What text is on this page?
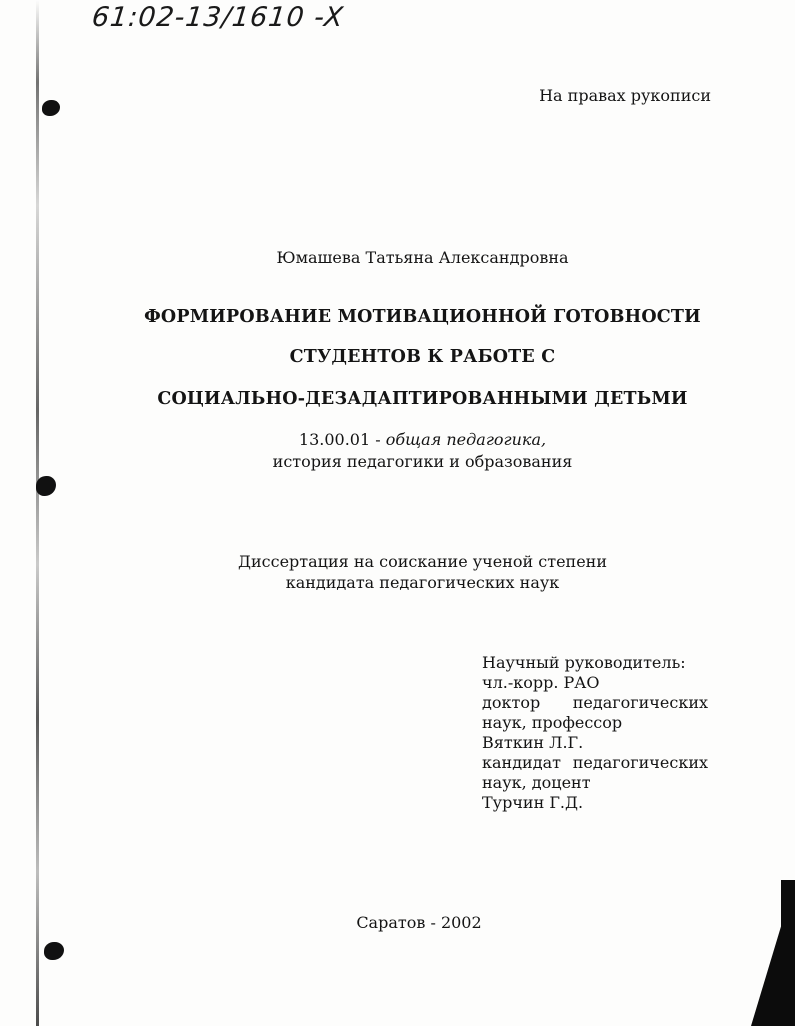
61:02-13/1610 -X
На правах рукописи
Юмашева Татьяна Александровна
ФОРМИРОВАНИЕ МОТИВАЦИОННОЙ ГОТОВНОСТИ
СТУДЕНТОВ К РАБОТЕ С
СОЦИАЛЬНО-ДЕЗАДАПТИРОВАННЫМИ ДЕТЬМИ
13.00.01 - общая педагогика,
история педагогики и образования
Диссертация на соискание ученой степени
кандидата педагогических наук
Научный руководитель:
чл.-корр. РАО
доктор педагогических
наук, профессор
Вяткин Л.Г.
кандидат педагогических
наук, доцент
Турчин Г.Д.
Саратов - 2002
